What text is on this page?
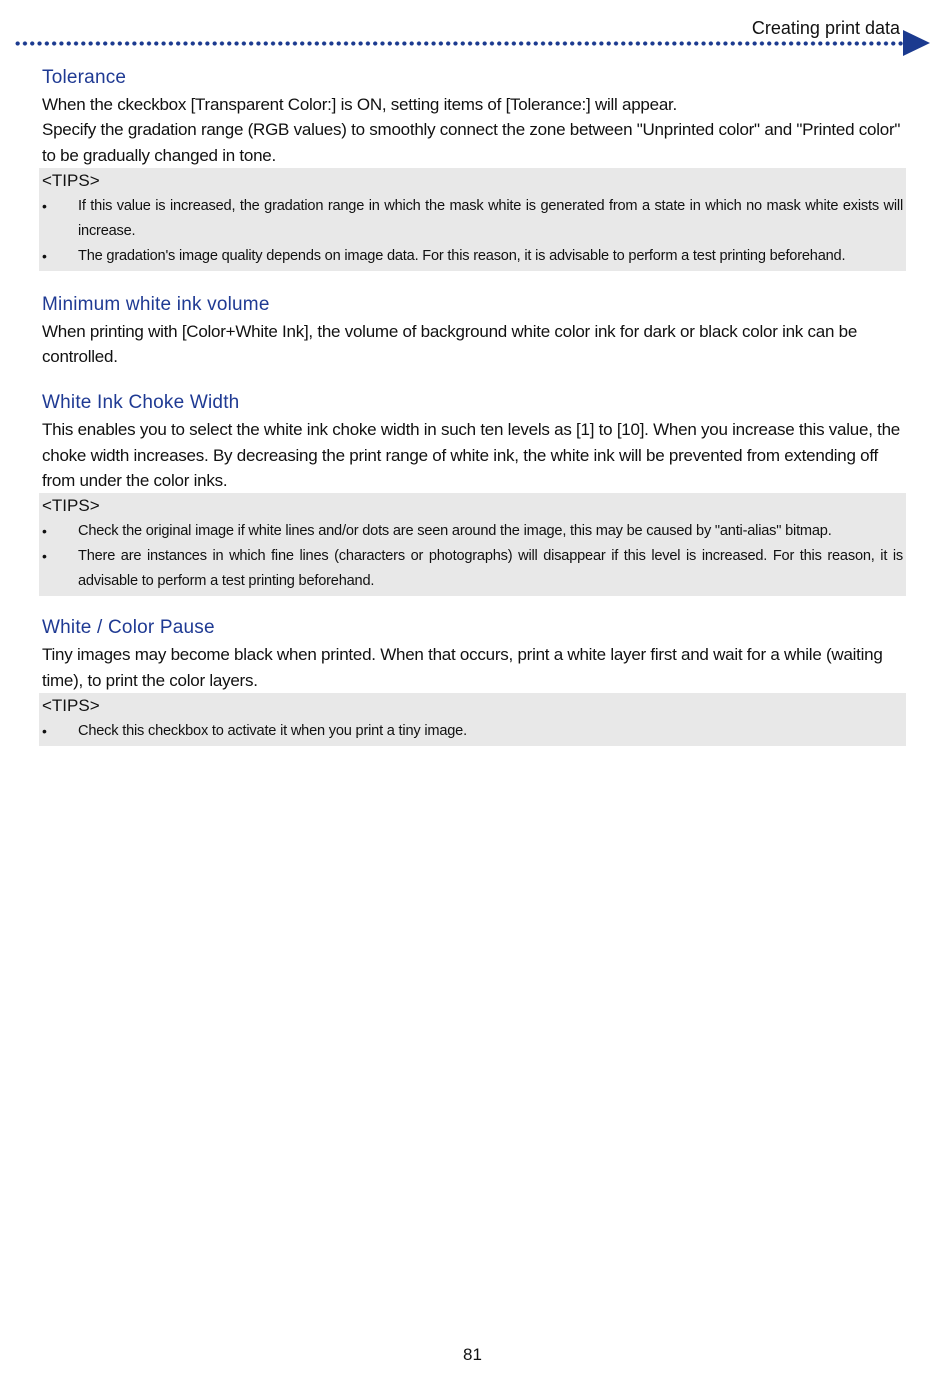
Creating print data
Tolerance

When the ckeckbox [Transparent Color:] is ON, setting items of [Tolerance:] will appear.

Specify the gradation range (RGB values) to smoothly connect the zone between "Unprinted color" and "Printed color" to be gradually changed in tone.

<TIPS>

• If this value is increased, the gradation range in which the mask white is generated from a state in which no mask white exists will increase.
• The gradation's image quality depends on image data. For this reason, it is advisable to perform a test printing beforehand.
Minimum white ink volume

When printing with [Color+White Ink], the volume of background white color ink for dark or black color ink can be controlled.

White Ink Choke Width

This enables you to select the white ink choke width in such ten levels as [1] to [10]. When you increase this value, the choke width increases. By decreasing the print range of white ink, the white ink will be prevented from extending off from under the color inks.

<TIPS>

• Check the original image if white lines and/or dots are seen around the image, this may be caused by "anti-alias" bitmap.
• There are instances in which fine lines (characters or photographs) will disappear if this level is increased. For this reason, it is advisable to perform a test printing beforehand.
White / Color Pause

Tiny images may become black when printed. When that occurs, print a white layer first and wait for a while (waiting time), to print the color layers.

<TIPS>

• Check this checkbox to activate it when you print a tiny image.
81
